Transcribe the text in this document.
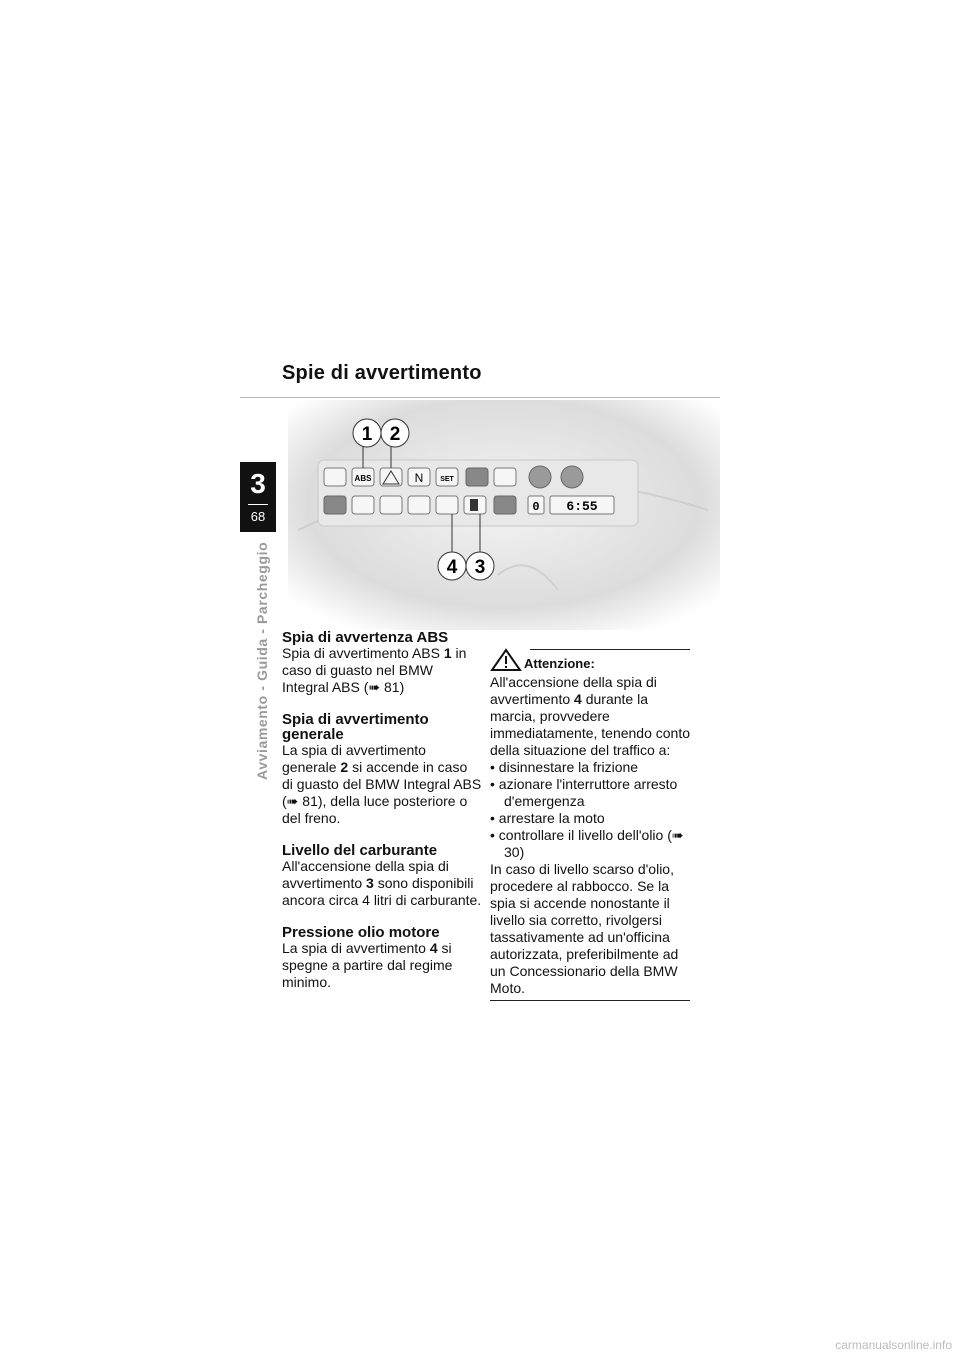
Spie di avvertimento
3
68
Avviamento - Guida - Parcheggio
ABS	N SET
0 6:55
1 2
4 3
Spia di avvertenza ABS

Spia di avvertimento ABS 1 in caso di guasto nel BMW Integral ABS (➠ 81)

Spia di avvertimento generale

La spia di avvertimento generale 2 si accende in caso di guasto del BMW Integral ABS (➠ 81), della luce posteriore o del freno.

Livello del carburante

All'accensione della spia di avvertimento 3 sono disponibili ancora circa 4 litri di carburante.

Pressione olio motore

La spia di avvertimento 4 si spegne a partire dal regime minimo.

Attenzione:

All'accensione della spia di avvertimento 4 durante la marcia, provvedere immediatamente, tenendo conto della situazione del traffico a:

• disinnestare la frizione
• azionare l'interruttore arresto d'emergenza
• arrestare la moto
• controllare il livello dell'olio (➠ 30)

In caso di livello scarso d'olio, procedere al rabbocco. Se la spia si accende nonostante il livello sia corretto, rivolgersi tassativamente ad un'officina autorizzata, preferibilmente ad un Concessionario della BMW Moto.

carmanualsonline.info
